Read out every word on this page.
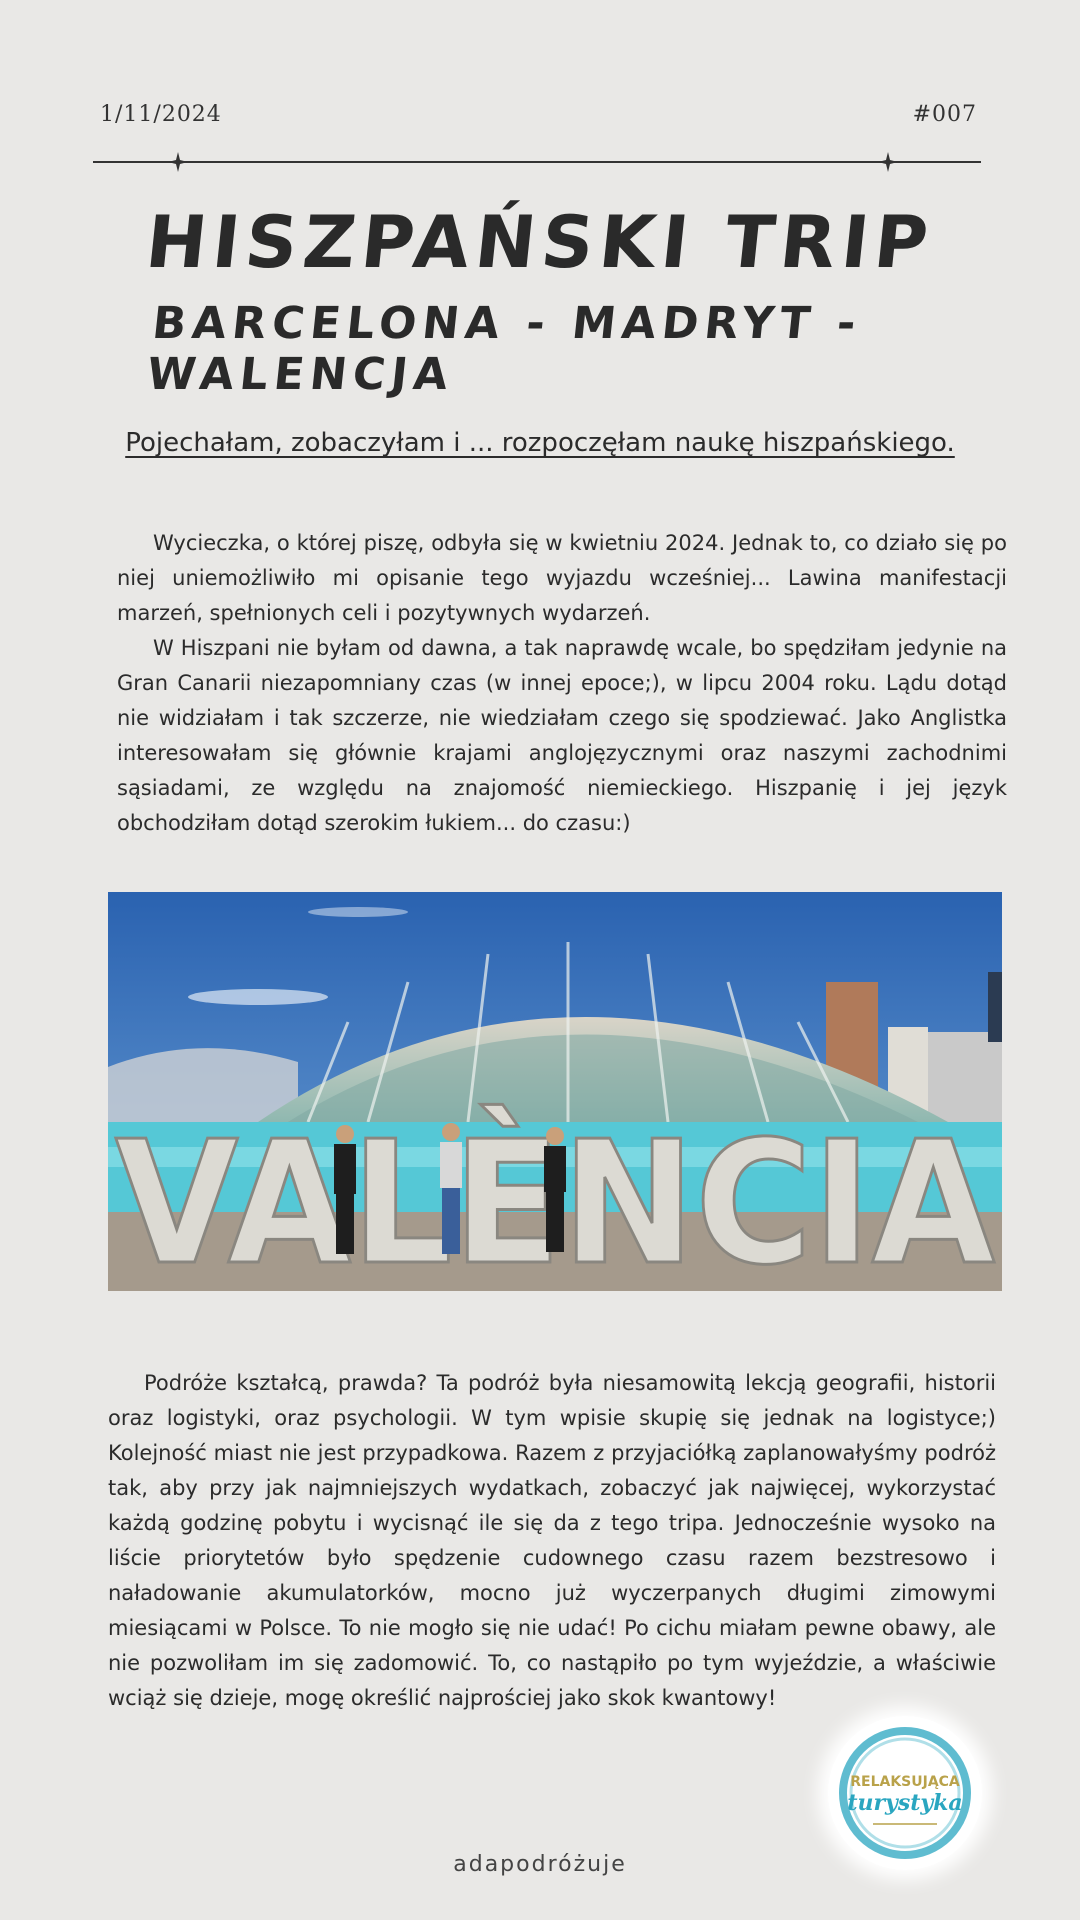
1/11/2024	#007
HISZPAŃSKI TRIP
BARCELONA - MADRYT - WALENCJA
Pojechałam, zobaczyłam i ... rozpoczęłam naukę hiszpańskiego.

Wycieczka, o której piszę, odbyła się w kwietniu 2024. Jednak to, co działo się po niej uniemożliwiło mi opisanie tego wyjazdu wcześniej... Lawina manifestacji marzeń, spełnionych celi i pozytywnych wydarzeń.

W Hiszpani nie byłam od dawna, a tak naprawdę wcale, bo spędziłam jedynie na Gran Canarii niezapomniany czas (w innej epoce;), w lipcu 2004 roku. Lądu dotąd nie widziałam i tak szczerze, nie wiedziałam czego się spodziewać. Jako Anglistka interesowałam się głównie krajami anglojęzycznymi oraz naszymi zachodnimi sąsiadami, ze względu na znajomość niemieckiego. Hiszpanię i jej język obchodziłam dotąd szerokim łukiem... do czasu:)

Podróże kształcą, prawda? Ta podróż była niesamowitą lekcją geografii, historii oraz logistyki, oraz psychologii. W tym wpisie skupię się jednak na logistyce;) Kolejność miast nie jest przypadkowa. Razem z przyjaciółką zaplanowałyśmy podróż tak, aby przy jak najmniejszych wydatkach, zobaczyć jak najwięcej, wykorzystać każdą godzinę pobytu i wycisnąć ile się da z tego tripa. Jednocześnie wysoko na liście priorytetów było spędzenie cudownego czasu razem bezstresowo i naładowanie akumulatorków, mocno już wyczerpanych długimi zimowymi miesiącami w Polsce. To nie mogło się nie udać! Po cichu miałam pewne obawy, ale nie pozwoliłam im się zadomowić. To, co nastąpiło po tym wyjeździe, a właściwie wciąż się dzieje, mogę określić najprościej jako skok kwantowy!

RELAKSUJĄCA
turystyka
adapodróżuje
